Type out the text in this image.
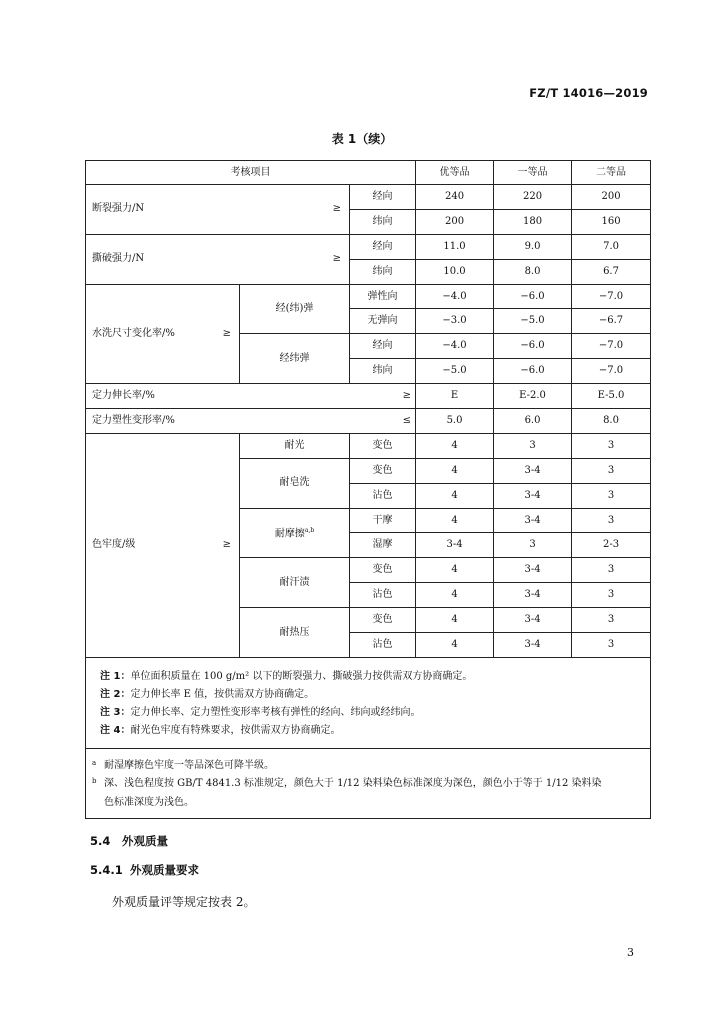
FZ/T 14016—2019
表 1（续）
考核项目			优等品	一等品	二等品
断裂强力/N ≥		经向	240	220	200
		纬向	200	180	160
撕破强力/N ≥		经向	11.0	9.0	7.0
		纬向	10.0	8.0	6.7
水洗尺寸变化率/% ≥	经(纬)弹	弹性向	−4.0	−6.0	−7.0
		无弹向	−3.0	−5.0	−6.7
	经纬弹	经向	−4.0	−6.0	−7.0
		纬向	−5.0	−6.0	−7.0
定力伸长率/% ≥			E	E-2.0	E-5.0
定力塑性变形率/% ≤			5.0	6.0	8.0
色牢度/级 ≥	耐光	变色	4	3	3
	耐皂洗	变色	4	3-4	3
		沾色	4	3-4	3
	耐摩擦$^{a,b}$	干摩	4	3-4	3
		湿摩	3-4	3	2-3
	耐汗渍	变色	4	3-4	3
		沾色	4	3-4	3
	耐热压	变色	4	3-4	3
		沾色	4	3-4	3

注 1：单位面积质量在 100 g/m² 以下的断裂强力、撕破强力按供需双方协商确定。
注 2：定力伸长率 E 值，按供需双方协商确定。
注 3：定力伸长率、定力塑性变形率考核有弹性的经向、纬向或经纬向。
注 4：耐光色牢度有特殊要求，按供需双方协商确定。					

a 耐湿摩擦色牢度一等品深色可降半级。
b 深、浅色程度按 GB/T 4841.3 标准规定，颜色大于 1/12 染料染色标准深度为深色，颜色小于等于 1/12 染料染
色标准深度为浅色。					
5.4 外观质量
5.4.1 外观质量要求
外观质量评等规定按表 2。
3
